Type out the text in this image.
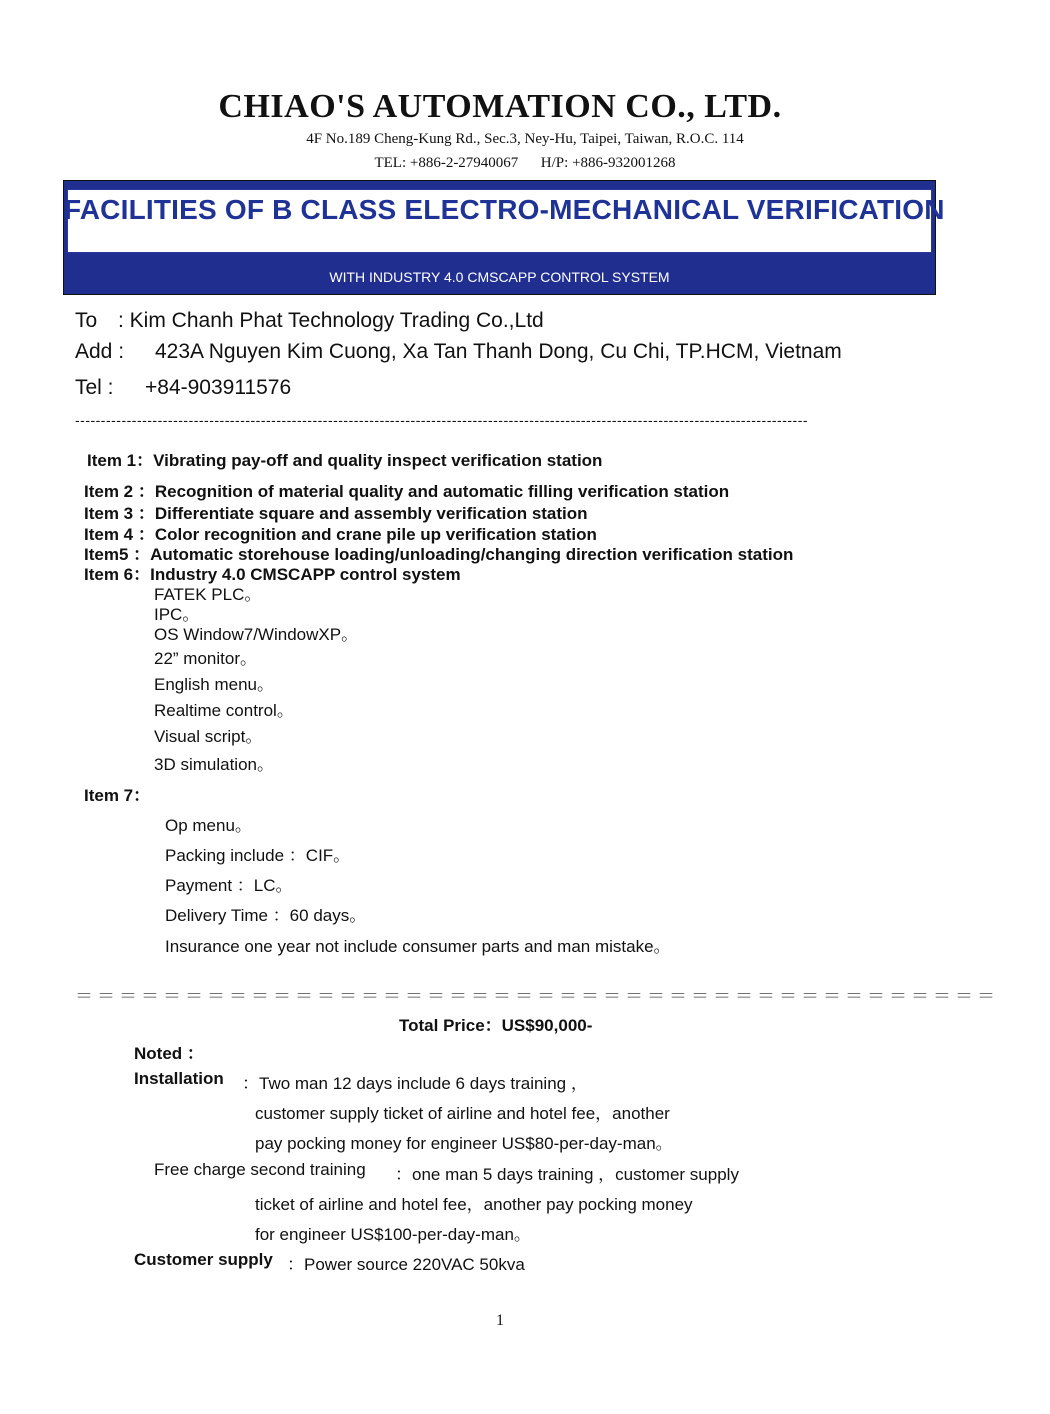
CHIAO'S AUTOMATION CO., LTD.
4F No.189 Cheng-Kung Rd., Sec.3, Ney-Hu, Taipei, Taiwan, R.O.C. 114
TEL: +886-2-27940067      H/P: +886-932001268
FACILITIES OF B CLASS ELECTRO-MECHANICAL VERIFICATION
WITH INDUSTRY 4.0 CMSCAPP CONTROL SYSTEM
To : Kim Chanh Phat Technology Trading Co.,Ltd
Add : 423A Nguyen Kim Cuong, Xa Tan Thanh Dong, Cu Chi, TP.HCM, Vietnam
Tel : +84-903911576
----------------------------------------------------------------------------------------------------------------------------------------------
Item 1：Vibrating pay-off and quality inspect verification station
Item 2 ：Recognition of material quality and automatic filling verification station
Item 3 ：Differentiate square and assembly verification station
Item 4 ：Color recognition and crane pile up verification station
Item5 ：Automatic storehouse loading/unloading/changing direction verification station
Item 6：Industry 4.0 CMSCAPP control system
FATEK PLC。
IPC。
OS Window7/WindowXP。
22” monitor。
English menu。
Realtime control。
Visual script。
3D simulation。
Item 7：
Op menu。
Packing include ：CIF。
Payment ：LC。
Delivery Time ：60 days。
Insurance one year not include consumer parts and man mistake。
＝＝＝＝＝＝＝＝＝＝＝＝＝＝＝＝＝＝＝＝＝＝＝＝＝＝＝＝＝＝＝＝＝＝＝＝＝＝＝＝＝＝
Total Price：US$90,000-
Noted ：
Installation ：Two man 12 days include 6 days training ，
customer supply ticket of airline and hotel fee，another
pay pocking money for engineer US$80-per-day-man。
Free charge second training ：one man 5 days training ，customer supply
ticket of airline and hotel fee，another pay pocking money
for engineer US$100-per-day-man。
Customer supply ：Power source 220VAC 50kva
1
